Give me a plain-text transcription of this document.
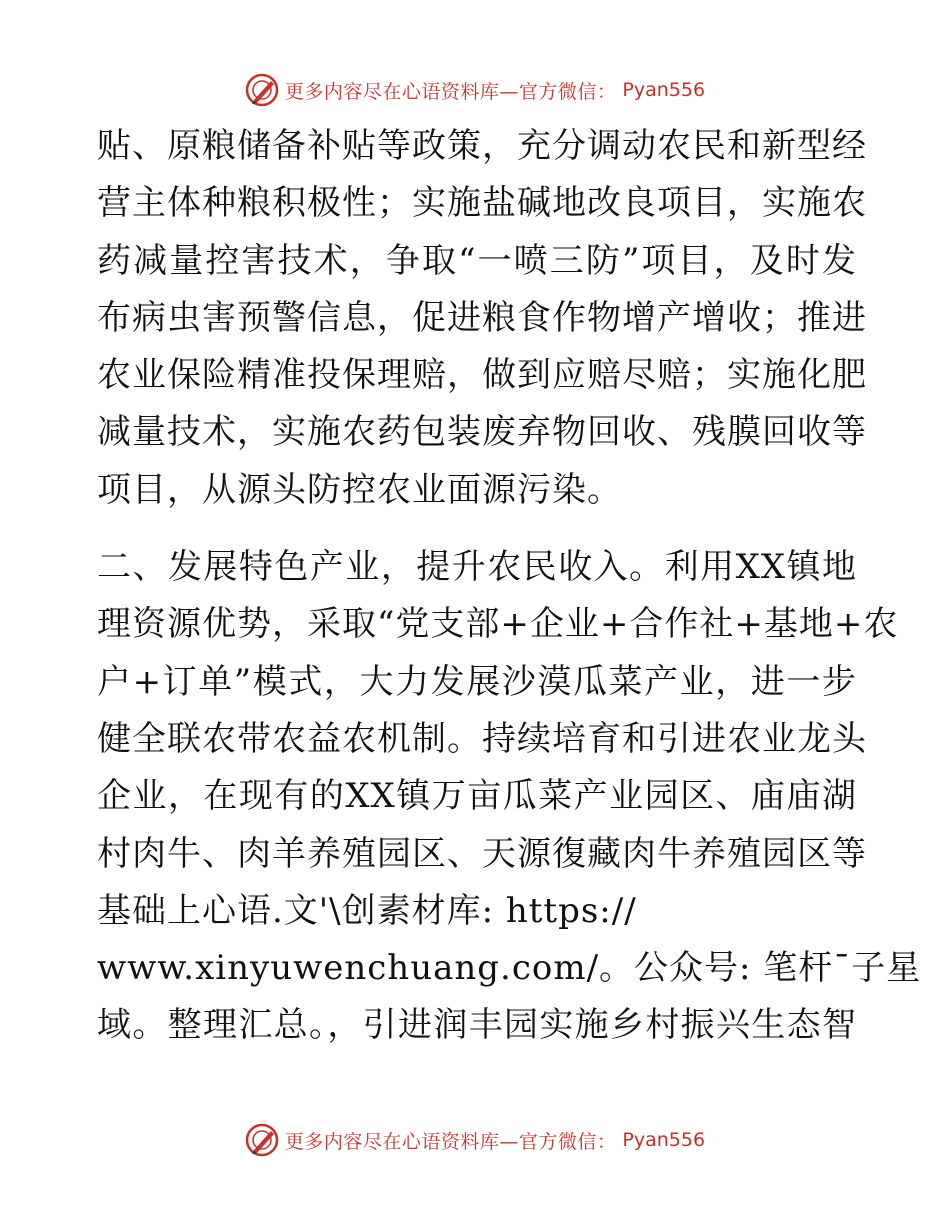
更多内容尽在心语资料库—官方微信： Pyan556
贴、原粮储备补贴等政策，充分调动农民和新型经
营主体种粮积极性；实施盐碱地改良项目，实施农
药减量控害技术，争取“一喷三防”项目，及时发
布病虫害预警信息，促进粮食作物增产增收；推进
农业保险精准投保理赔，做到应赔尽赔；实施化肥
减量技术，实施农药包装废弃物回收、残膜回收等
项目，从源头防控农业面源污染。
二、发展特色产业，提升农民收入。利用XX镇地
理资源优势，采取“党支部+企业+合作社+基地+农
户+订单”模式，大力发展沙漠瓜菜产业，进一步
健全联农带农益农机制。持续培育和引进农业龙头
企业，在现有的XX镇万亩瓜菜产业园区、庙庙湖
村肉牛、肉羊养殖园区、天源復藏肉牛养殖园区等
基础上心语.文'\创素材库: https://
www.xinyuwenchuang.com/。公众号: 笔杆¯子星
域。整理汇总。，引进润丰园实施乡村振兴生态智
更多内容尽在心语资料库—官方微信： Pyan556
